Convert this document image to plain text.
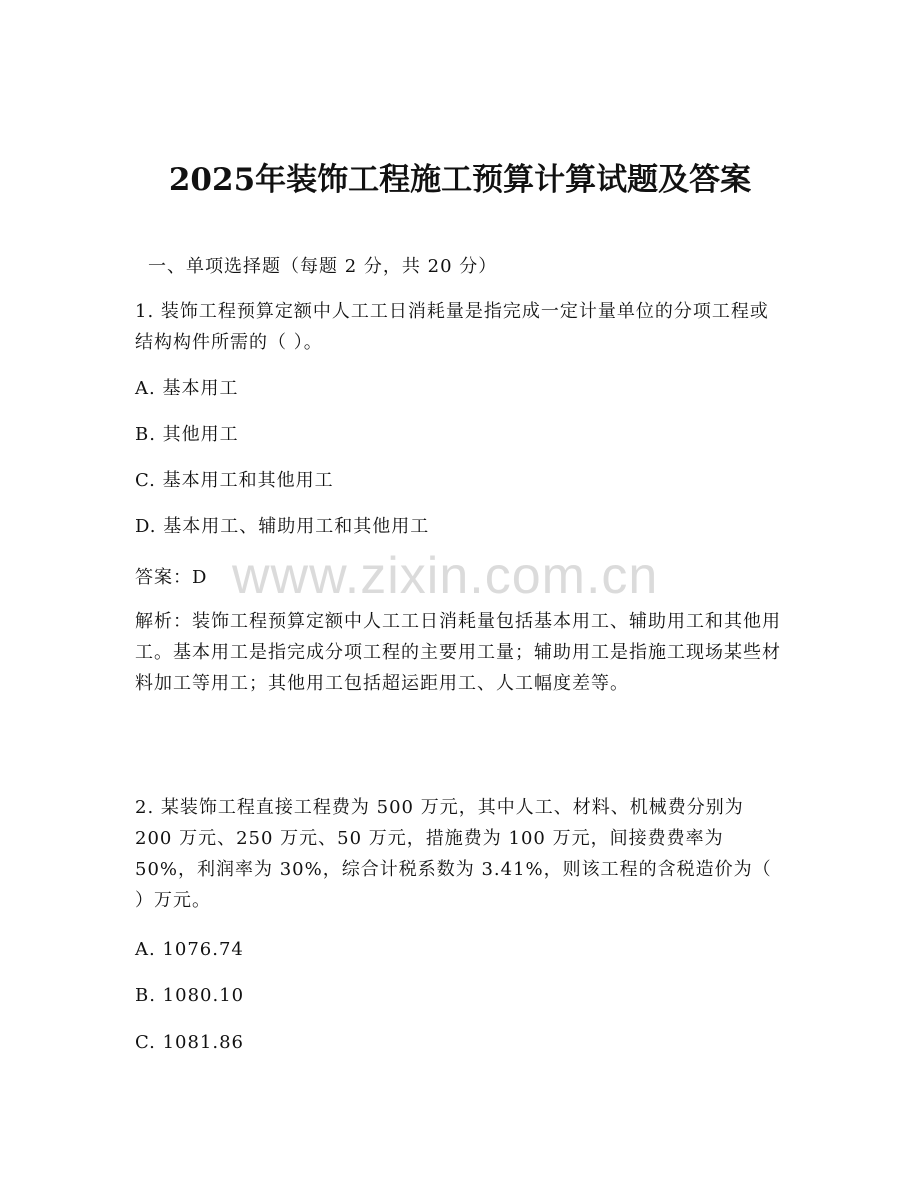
2025年装饰工程施工预算计算试题及答案
一、单项选择题（每题 2 分，共 20 分）
1. 装饰工程预算定额中人工工日消耗量是指完成一定计量单位的分项工程或结构构件所需的（ ）。
A. 基本用工
B. 其他用工
C. 基本用工和其他用工
D. 基本用工、辅助用工和其他用工
答案：D
解析：装饰工程预算定额中人工工日消耗量包括基本用工、辅助用工和其他用工。基本用工是指完成分项工程的主要用工量；辅助用工是指施工现场某些材料加工等用工；其他用工包括超运距用工、人工幅度差等。
2. 某装饰工程直接工程费为 500 万元，其中人工、材料、机械费分别为 200 万元、250 万元、50 万元，措施费为 100 万元，间接费费率为 50%，利润率为 30%，综合计税系数为 3.41%，则该工程的含税造价为（ ）万元。
A. 1076.74
B. 1080.10
C. 1081.86
www.zixin.com.cn
